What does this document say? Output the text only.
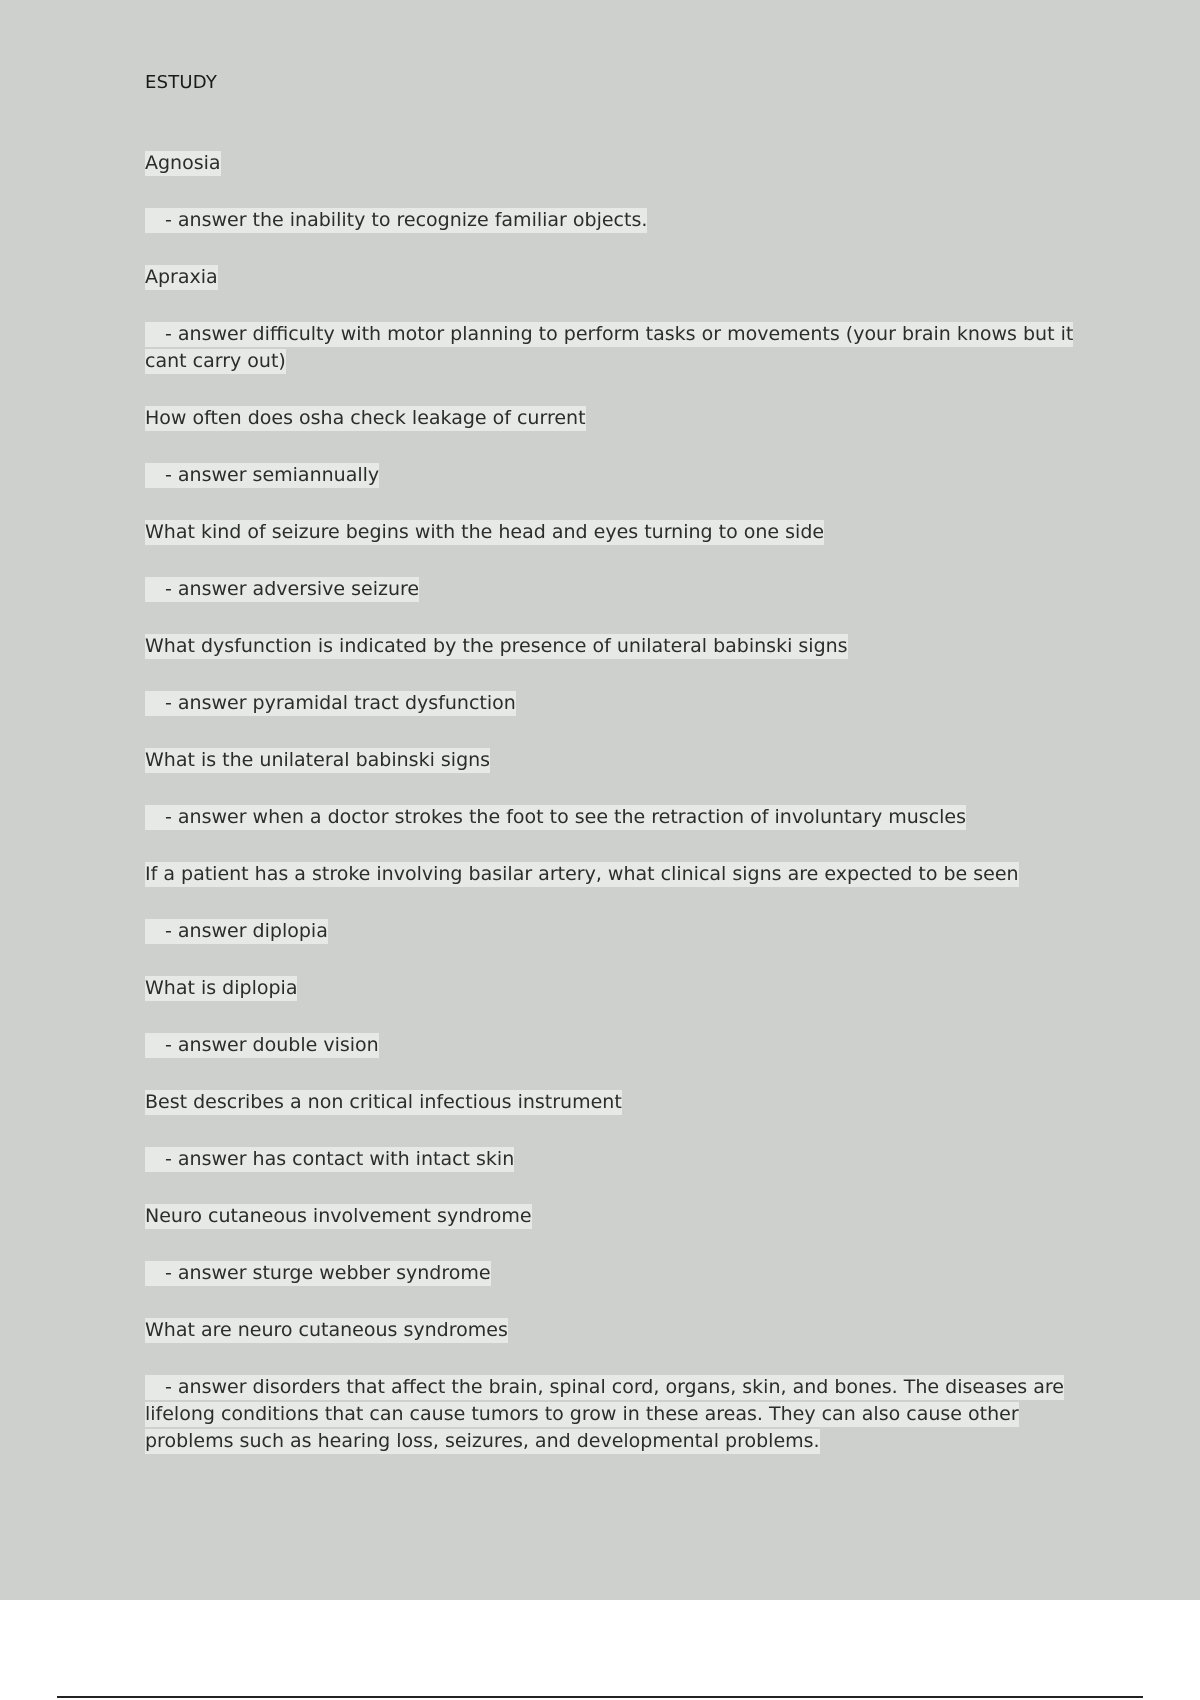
ESTUDY
Agnosia
- answer the inability to recognize familiar objects.
Apraxia
- answer difficulty with motor planning to perform tasks or movements (your brain knows but it cant carry out)
How often does osha check leakage of current
- answer semiannually
What kind of seizure begins with the head and eyes turning to one side
- answer adversive seizure
What dysfunction is indicated by the presence of unilateral babinski signs
- answer pyramidal tract dysfunction
What is the unilateral babinski signs
- answer when a doctor strokes the foot to see the retraction of involuntary muscles
If a patient has a stroke involving basilar artery, what clinical signs are expected to be seen
- answer diplopia
What is diplopia
- answer double vision
Best describes a non critical infectious instrument
- answer has contact with intact skin
Neuro cutaneous involvement syndrome
- answer sturge webber syndrome
What are neuro cutaneous syndromes
- answer disorders that affect the brain, spinal cord, organs, skin, and bones. The diseases are lifelong conditions that can cause tumors to grow in these areas. They can also cause other problems such as hearing loss, seizures, and developmental problems.
